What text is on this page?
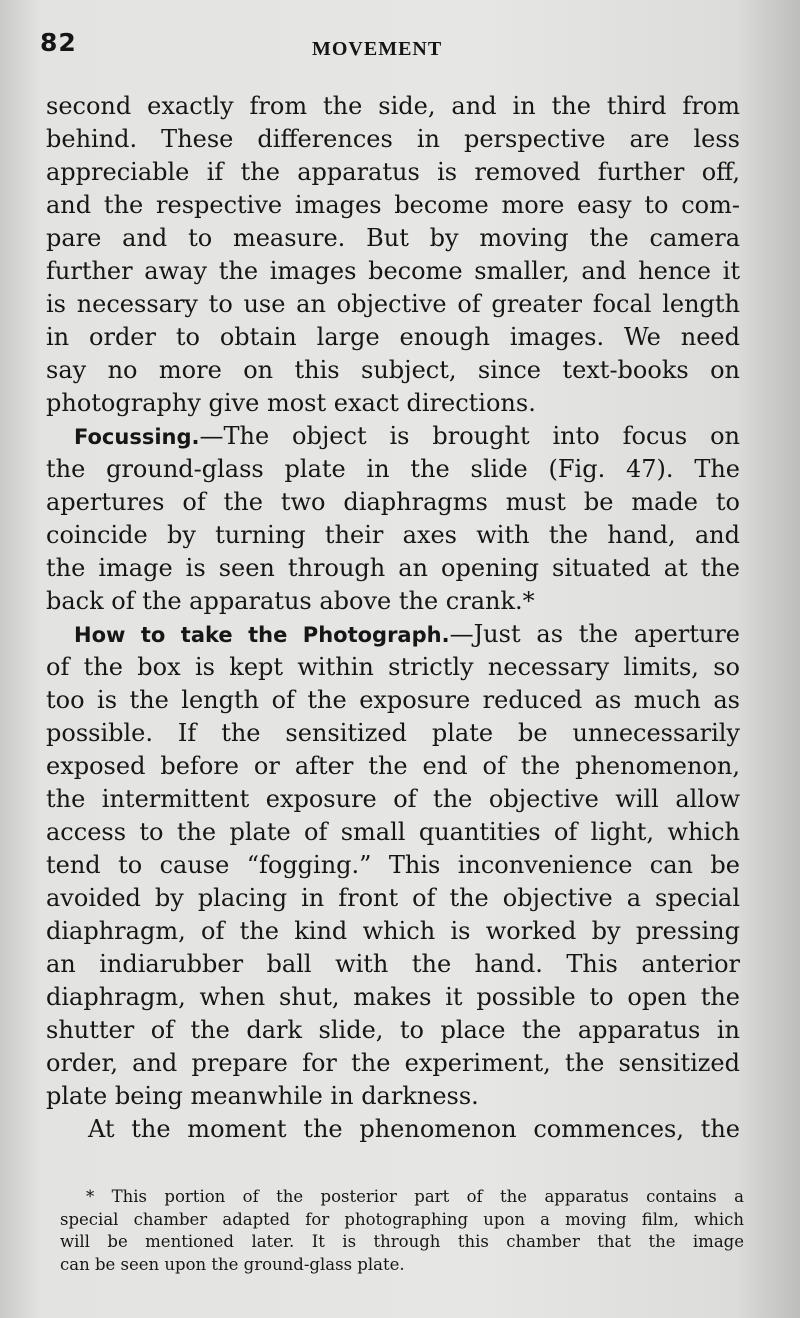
82	MOVEMENT
second exactly from the side, and in the third from
behind. These differences in perspective are less
appreciable if the apparatus is removed further off,
and the respective images become more easy to com-
pare and to measure. But by moving the camera
further away the images become smaller, and hence it
is necessary to use an objective of greater focal length
in order to obtain large enough images. We need
say no more on this subject, since text-books on
photography give most exact directions.
Focussing.—The object is brought into focus on
the ground-glass plate in the slide (Fig. 47). The
apertures of the two diaphragms must be made to
coincide by turning their axes with the hand, and
the image is seen through an opening situated at the
back of the apparatus above the crank.*
How to take the Photograph.—Just as the aperture
of the box is kept within strictly necessary limits, so
too is the length of the exposure reduced as much as
possible. If the sensitized plate be unnecessarily
exposed before or after the end of the phenomenon,
the intermittent exposure of the objective will allow
access to the plate of small quantities of light, which
tend to cause “fogging.” This inconvenience can be
avoided by placing in front of the objective a special
diaphragm, of the kind which is worked by pressing
an indiarubber ball with the hand. This anterior
diaphragm, when shut, makes it possible to open the
shutter of the dark slide, to place the apparatus in
order, and prepare for the experiment, the sensitized
plate being meanwhile in darkness.
At the moment the phenomenon commences, the
* This portion of the posterior part of the apparatus contains a
special chamber adapted for photographing upon a moving film, which
will be mentioned later. It is through this chamber that the image
can be seen upon the ground-glass plate.
